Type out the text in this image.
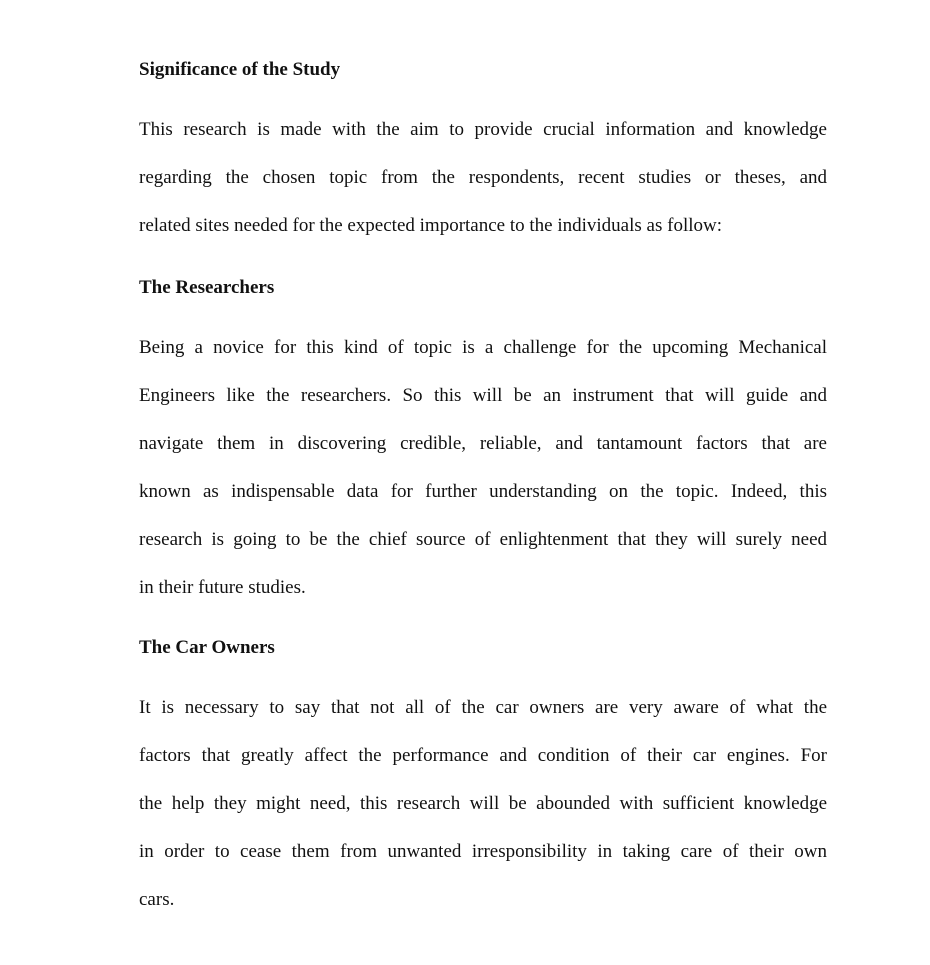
Significance of the Study
This research is made with the aim to provide crucial information and knowledge
regarding the chosen topic from the respondents, recent studies or theses, and
related sites needed for the expected importance to the individuals as follow:
The Researchers
Being a novice for this kind of topic is a challenge for the upcoming Mechanical
Engineers like the researchers. So this will be an instrument that will guide and
navigate them in discovering credible, reliable, and tantamount factors that are
known as indispensable data for further understanding on the topic. Indeed, this
research is going to be the chief source of enlightenment that they will surely need
in their future studies.
The Car Owners
It is necessary to say that not all of the car owners are very aware of what the
factors that greatly affect the performance and condition of their car engines. For
the help they might need, this research will be abounded with sufficient knowledge
in order to cease them from unwanted irresponsibility in taking care of their own
cars.
